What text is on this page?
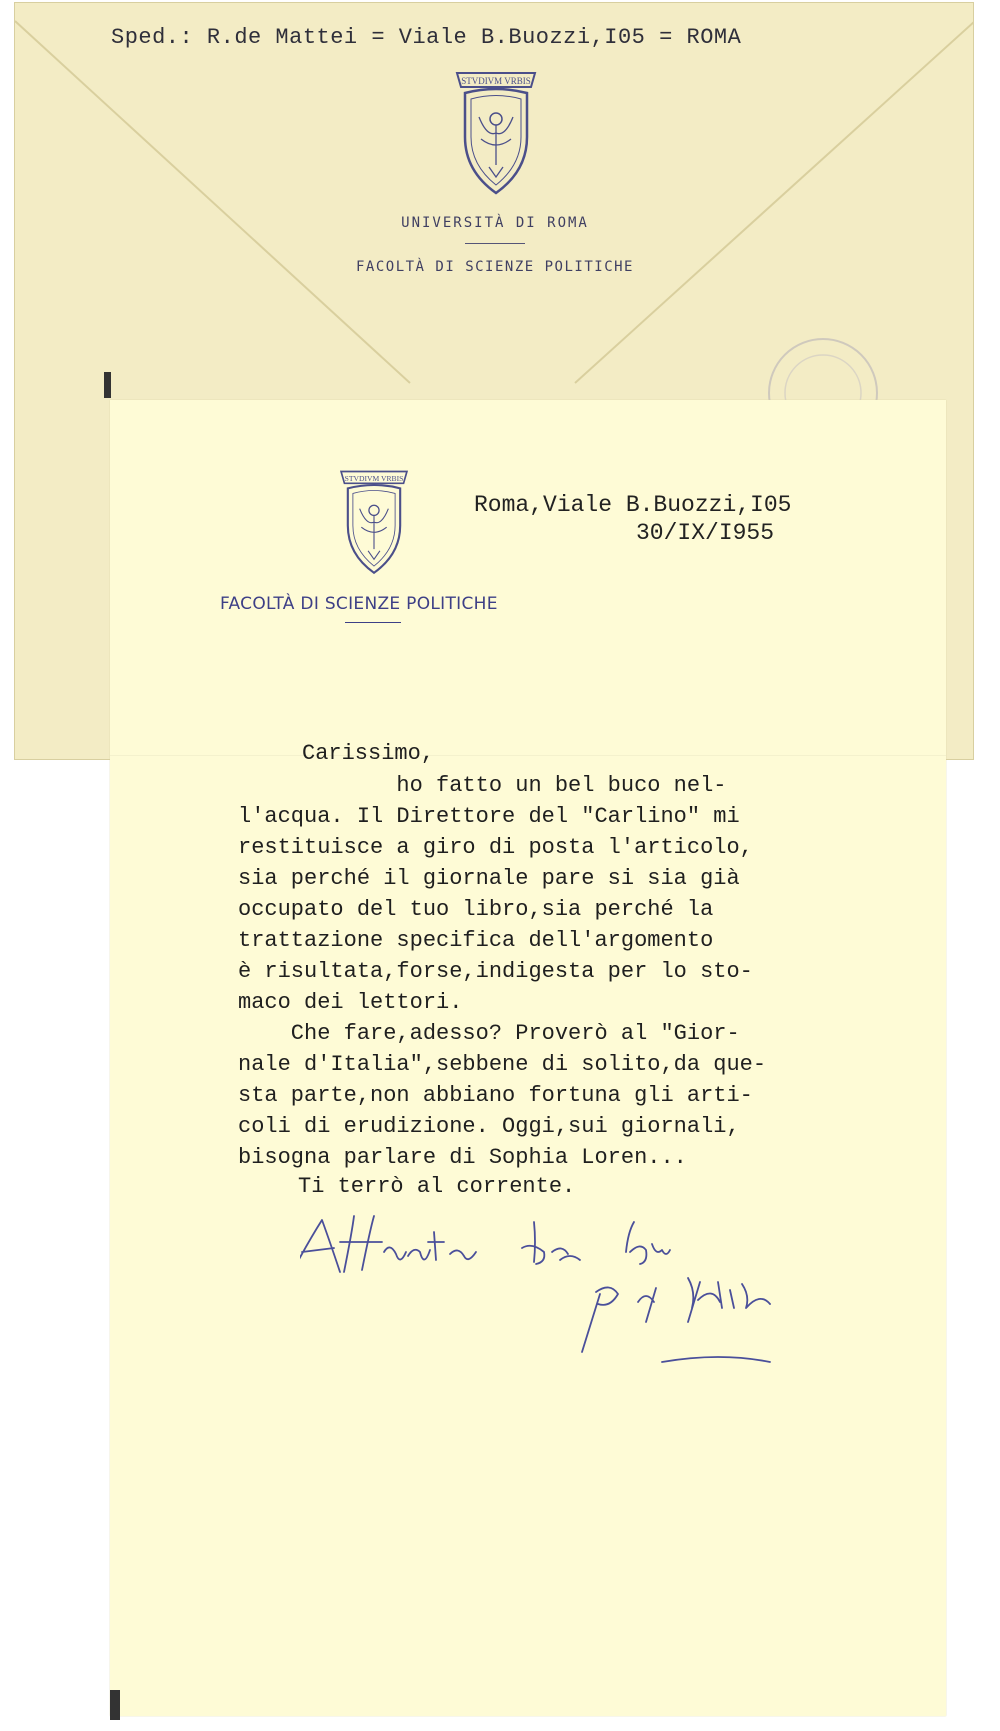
Sped.: R.de Mattei = Viale B.Buozzi,I05 = ROMA
STVDIVM VRBIS
UNIVERSITÀ DI ROMA
FACOLTÀ DI SCIENZE POLITICHE
STVDIVM VRBIS
FACOLTÀ DI SCIENZE POLITICHE
Roma,Viale B.Buozzi,I05
30/IX/I955
Carissimo,
ho fatto un bel buco nel-
l'acqua. Il Direttore del "Carlino" mi
restituisce a giro di posta l'articolo,
sia perché il giornale pare si sia già
occupato del tuo libro,sia perché la
trattazione specifica dell'argomento
è risultata,forse,indigesta per lo sto-
maco dei lettori.
Che fare,adesso? Proverò al "Gior-
nale d'Italia",sebbene di solito,da que-
sta parte,non abbiano fortuna gli arti-
coli di erudizione. Oggi,sui giornali,
bisogna parlare di Sophia Loren...
Ti terrò al corrente.
